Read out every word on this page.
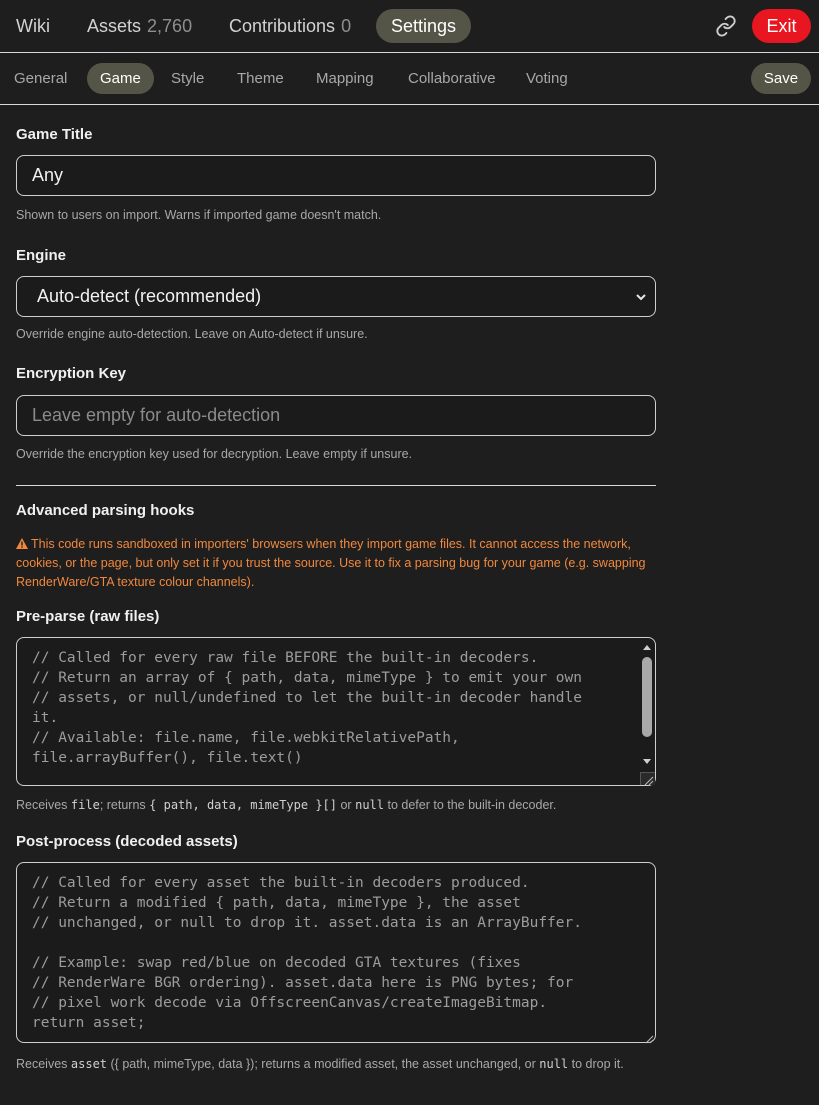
Wiki Assets 2,760 Contributions 0	Settings	Exit
General	Game	Style Theme Mapping Collaborative Voting	Save
Game Title
Any
Shown to users on import. Warns if imported game doesn't match.
Engine
Auto-detect (recommended)
Override engine auto-detection. Leave on Auto-detect if unsure.
Encryption Key
Leave empty for auto-detection
Override the encryption key used for decryption. Leave empty if unsure.
Advanced parsing hooks
This code runs sandboxed in importers' browsers when they import game files. It cannot access the network, cookies, or the page, but only set it if you trust the source. Use it to fix a parsing bug for your game (e.g. swapping RenderWare/GTA texture colour channels).
Pre-parse (raw files)
// Called for every raw file BEFORE the built-in decoders.
// Return an array of { path, data, mimeType } to emit your own
// assets, or null/undefined to let the built-in decoder handle
it.
// Available: file.name, file.webkitRelativePath,
file.arrayBuffer(), file.text()
Receives file; returns { path, data, mimeType }[] or null to defer to the built-in decoder.
Post-process (decoded assets)
// Called for every asset the built-in decoders produced.
// Return a modified { path, data, mimeType }, the asset
// unchanged, or null to drop it. asset.data is an ArrayBuffer.

// Example: swap red/blue on decoded GTA textures (fixes
// RenderWare BGR ordering). asset.data here is PNG bytes; for
// pixel work decode via OffscreenCanvas/createImageBitmap.
return asset;
Receives asset ({ path, mimeType, data }); returns a modified asset, the asset unchanged, or null to drop it.
